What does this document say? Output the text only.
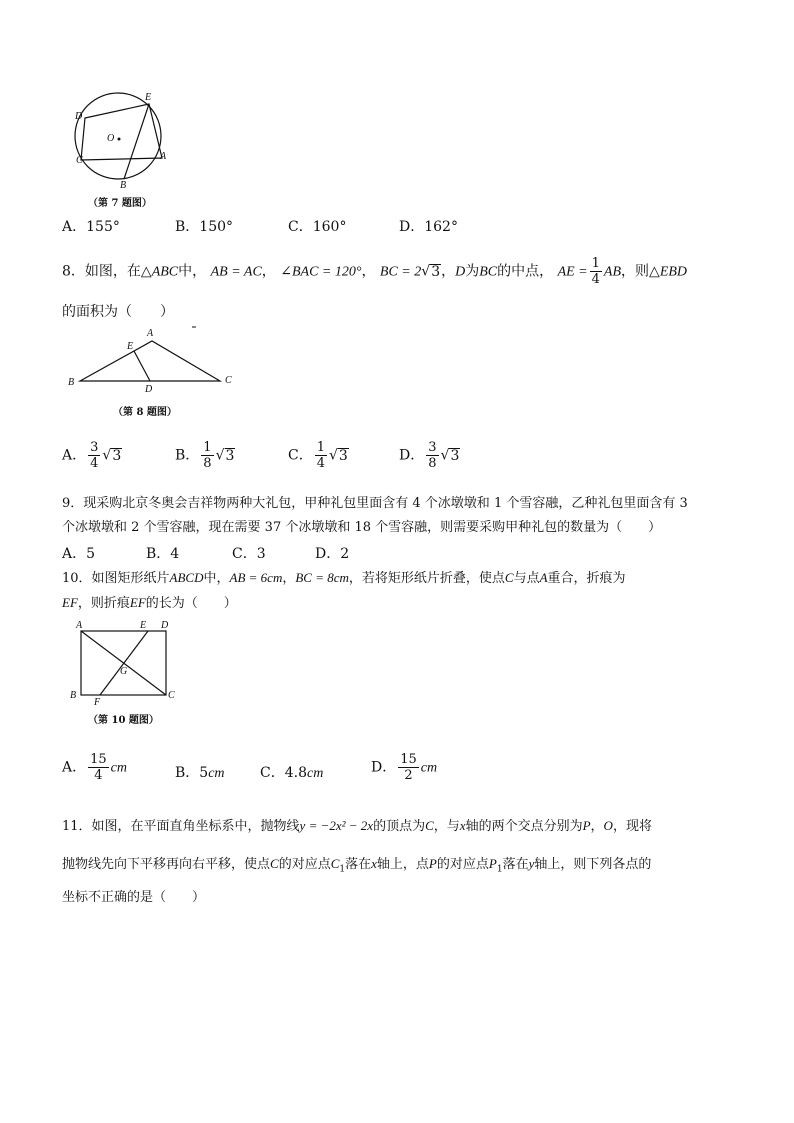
D
E
O
C	A
B
（第 7 题图）
A．155°	B．150°	C．160°	D．162°
8．如图，在△ABC中， AB = AC， ∠BAC = 120°， BC = 2√3，D为BC的中点， AE = $\frac{1}{4}$ AB，则△EBD
的面积为（　　）
A
E
B
D
C
（第 8 题图）
A． $\frac{3}{4} √3$	B． $\frac{1}{8} √3$	C． $\frac{1}{4} √3$	D． $\frac{3}{8} √3$
9．现采购北京冬奥会吉祥物两种大礼包，甲种礼包里面含有 4 个冰墩墩和 1 个雪容融，乙种礼包里面含有 3
个冰墩墩和 2 个雪容融，现在需要 37 个冰墩墩和 18 个雪容融，则需要采购甲种礼包的数量为（　　）
A．5	B．4	C．3	D．2
10．如图矩形纸片ABCD中，AB = 6cm，BC = 8cm，若将矩形纸片折叠，使点C与点A重合，折痕为
EF，则折痕EF的长为（　　）
A	E D
G
B
F
C
（第 10 题图）
A． $\frac{15}{4}$ cm	B．5cm	C．4.8cm	D． $\frac{15}{2}$ cm
11．如图，在平面直角坐标系中，抛物线y = −2x² − 2x的顶点为C，与x轴的两个交点分别为P，O，现将
抛物线先向下平移再向右平移，使点C的对应点$C_1$落在x轴上，点P的对应点$P_1$落在y轴上，则下列各点的
坐标不正确的是（　　）
